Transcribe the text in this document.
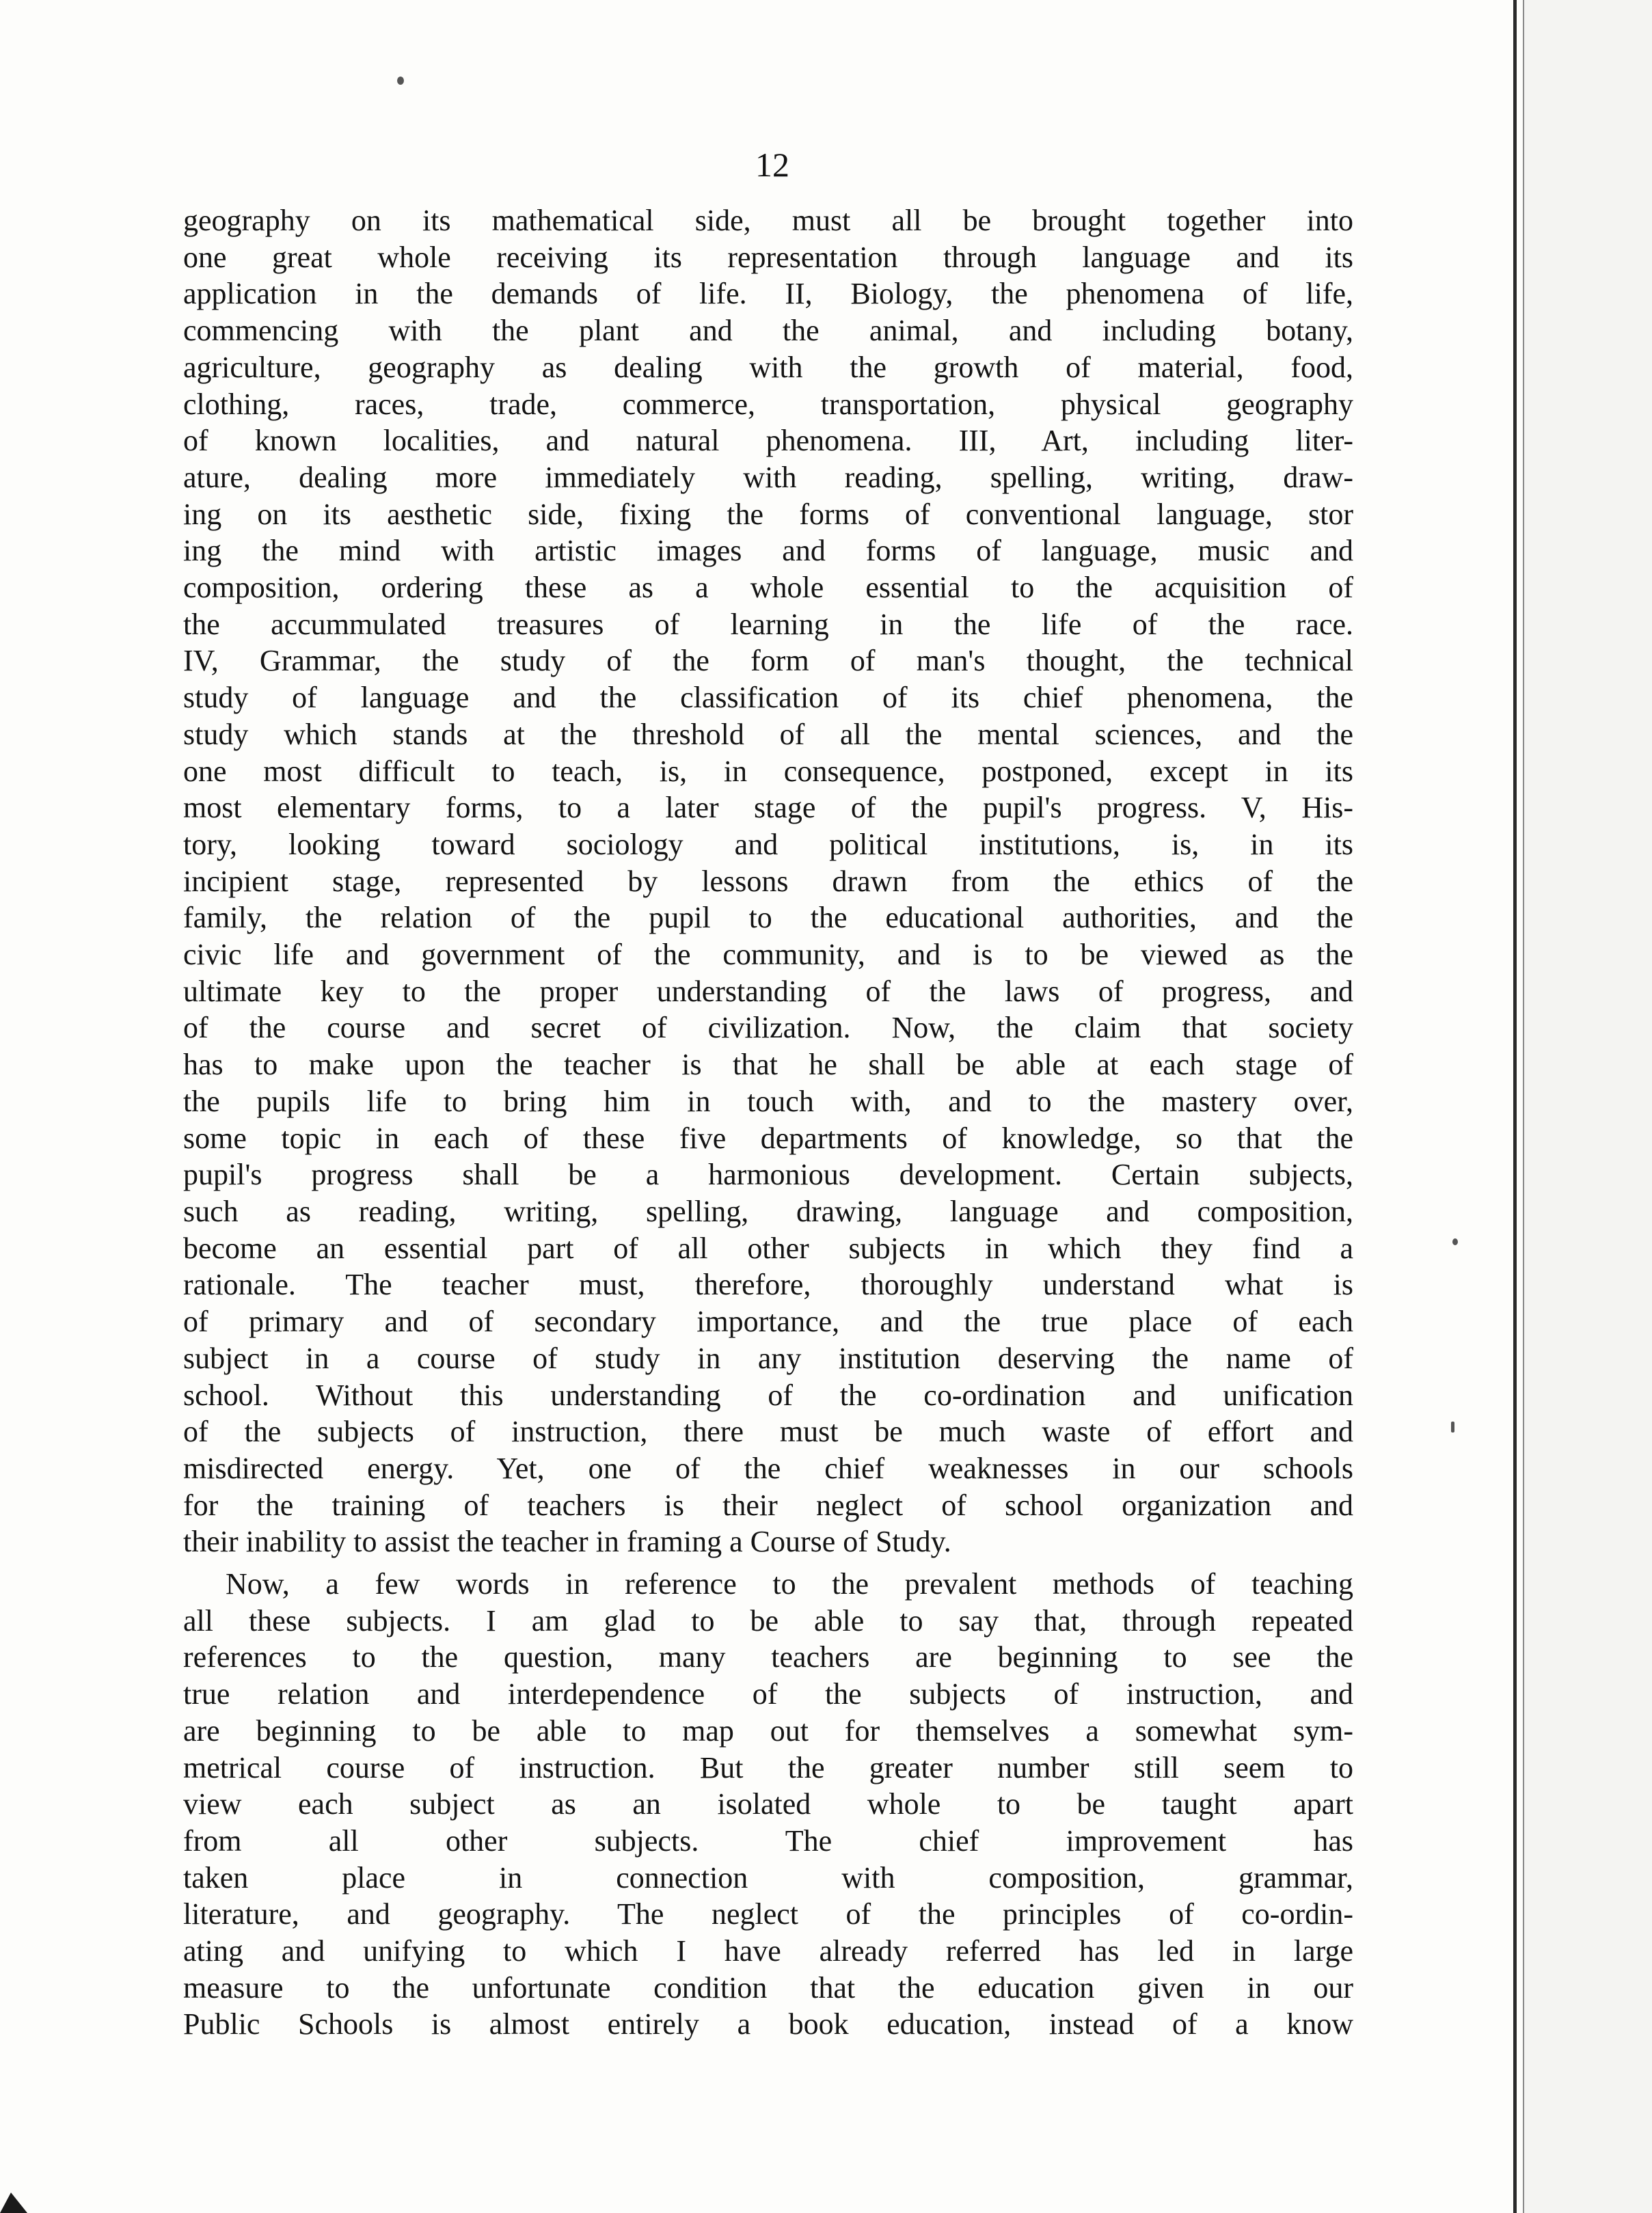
12
geography on its mathematical side, must all be brought together into
one great whole receiving its representation through language and its
application in the demands of life. II, Biology, the phenomena of life,
commencing with the plant and the animal, and including botany,
agriculture, geography as dealing with the growth of material, food,
clothing, races, trade, commerce, transportation, physical geography
of known localities, and natural phenomena. III, Art, including liter-
ature, dealing more immediately with reading, spelling, writing, draw-
ing on its aesthetic side, fixing the forms of conventional language, stor
ing the mind with artistic images and forms of language, music and
composition, ordering these as a whole essential to the acquisition of
the accummulated treasures of learning in the life of the race.
IV, Grammar, the study of the form of man's thought, the technical
study of language and the classification of its chief phenomena, the
study which stands at the threshold of all the mental sciences, and the
one most difficult to teach, is, in consequence, postponed, except in its
most elementary forms, to a later stage of the pupil's progress. V, His-
tory, looking toward sociology and political institutions, is, in its
incipient stage, represented by lessons drawn from the ethics of the
family, the relation of the pupil to the educational authorities, and the
civic life and government of the community, and is to be viewed as the
ultimate key to the proper understanding of the laws of progress, and
of the course and secret of civilization. Now, the claim that society
has to make upon the teacher is that he shall be able at each stage of
the pupils life to bring him in touch with, and to the mastery over,
some topic in each of these five departments of knowledge, so that the
pupil's progress shall be a harmonious development. Certain subjects,
such as reading, writing, spelling, drawing, language and composition,
become an essential part of all other subjects in which they find a
rationale. The teacher must, therefore, thoroughly understand what is
of primary and of secondary importance, and the true place of each
subject in a course of study in any institution deserving the name of
school. Without this understanding of the co-ordination and unification
of the subjects of instruction, there must be much waste of effort and
misdirected energy. Yet, one of the chief weaknesses in our schools
for the training of teachers is their neglect of school organization and
their inability to assist the teacher in framing a Course of Study.
Now, a few words in reference to the prevalent methods of teaching
all these subjects. I am glad to be able to say that, through repeated
references to the question, many teachers are beginning to see the
true relation and interdependence of the subjects of instruction, and
are beginning to be able to map out for themselves a somewhat sym-
metrical course of instruction. But the greater number still seem to
view each subject as an isolated whole to be taught apart
from all other subjects. The chief improvement has
taken place in connection with composition, grammar,
literature, and geography. The neglect of the principles of co-ordin-
ating and unifying to which I have already referred has led in large
measure to the unfortunate condition that the education given in our
Public Schools is almost entirely a book education, instead of a know
